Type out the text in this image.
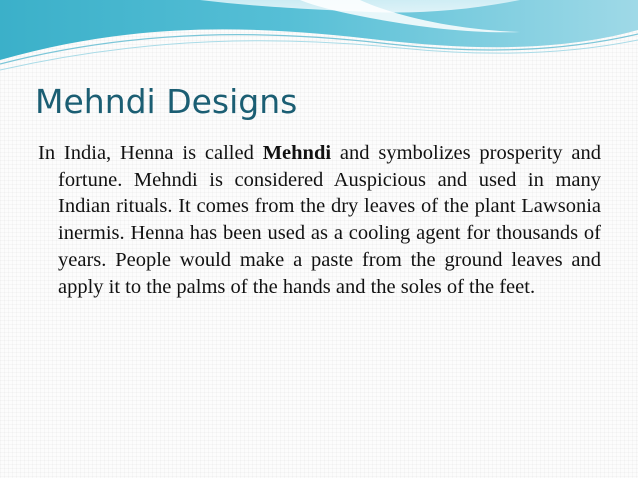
Mehndi Designs

In India, Henna is called Mehndi and symbolizes prosperity and fortune. Mehndi is considered Auspicious and used in many Indian rituals. It comes from the dry leaves of the plant Lawsonia inermis. Henna has been used as a cooling agent for thousands of years. People would make a paste from the ground leaves and apply it to the palms of the hands and the soles of the feet.
